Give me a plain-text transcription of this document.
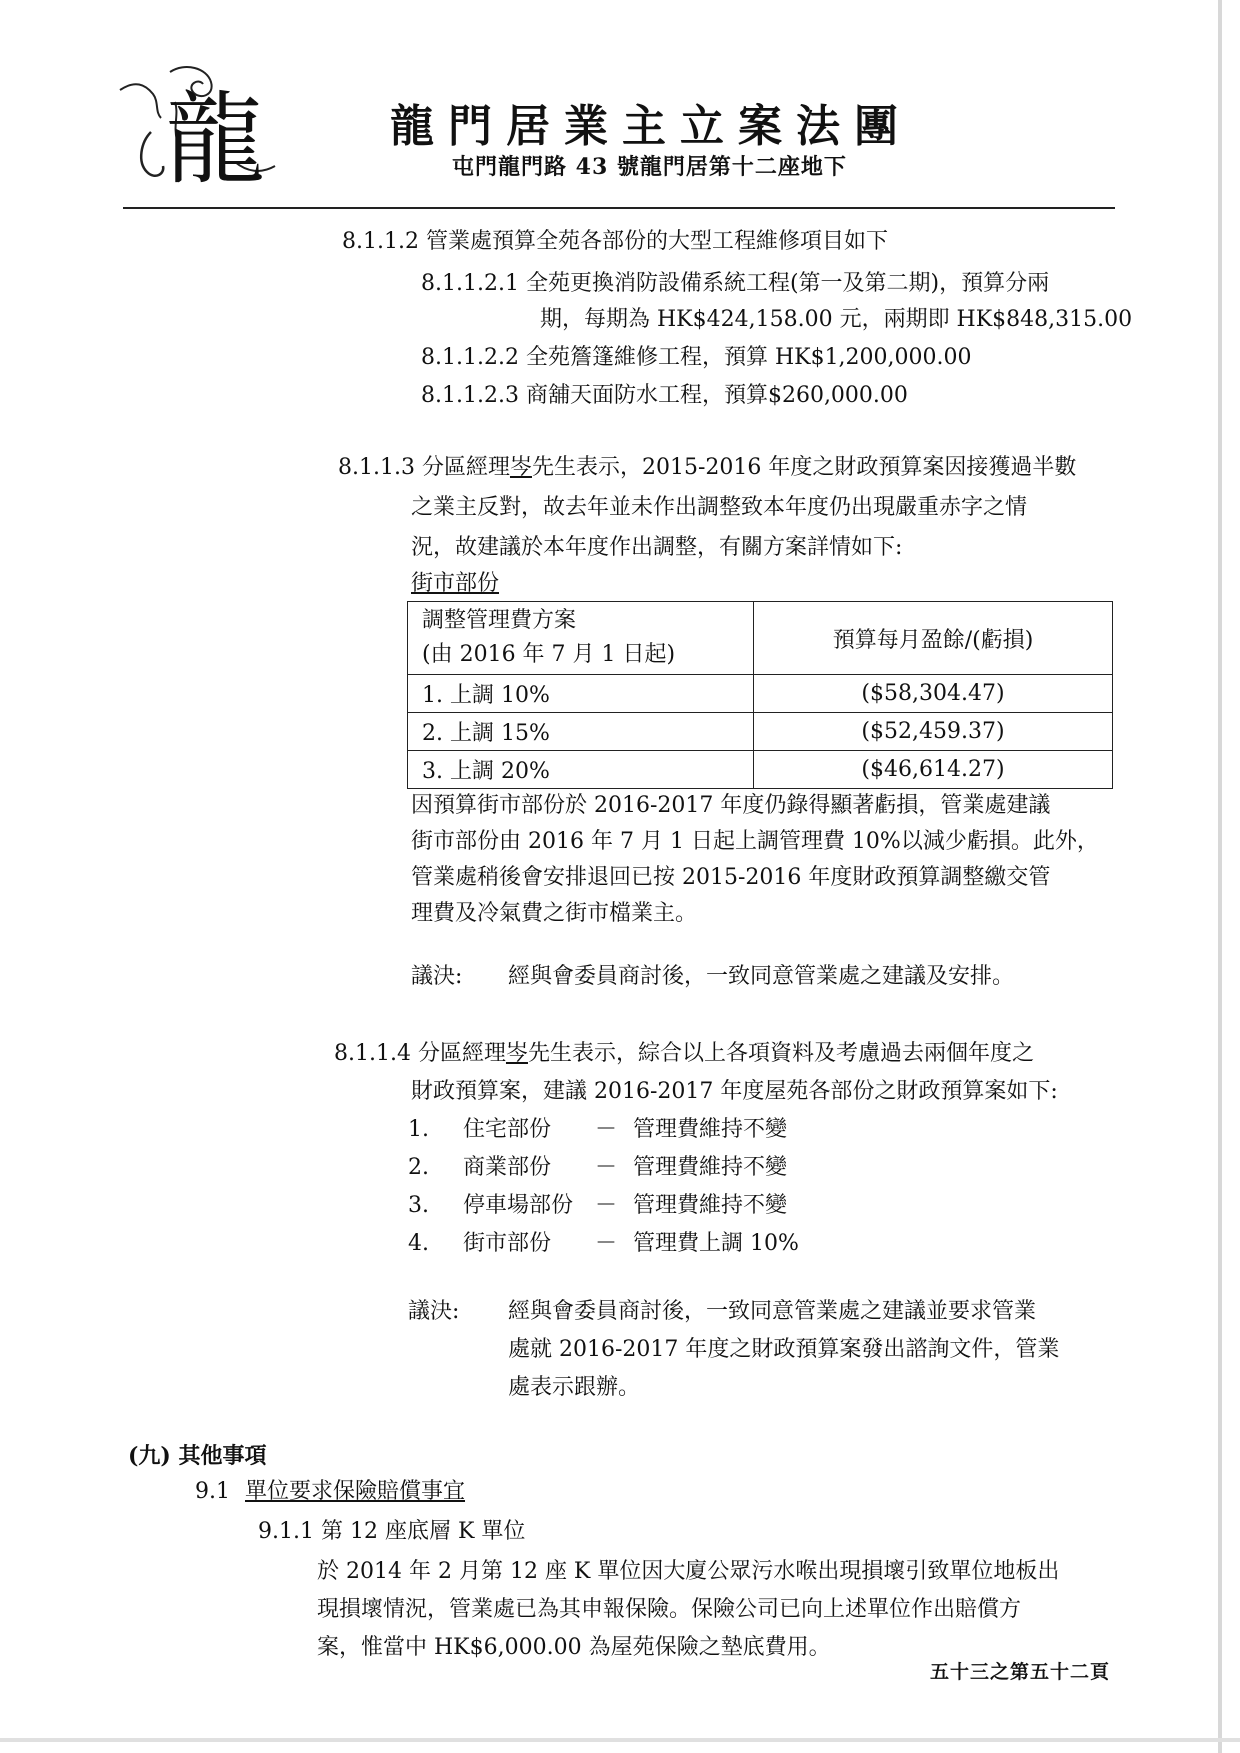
龍	龍門居業主立案法團
屯門龍門路 43 號龍門居第十二座地下
8.1.1.2 管業處預算全苑各部份的大型工程維修項目如下
8.1.1.2.1 全苑更換消防設備系統工程(第一及第二期)，預算分兩
期，每期為 HK$424,158.00 元，兩期即 HK$848,315.00
8.1.1.2.2 全苑簷篷維修工程，預算 HK$1,200,000.00
8.1.1.2.3 商舖天面防水工程，預算$260,000.00
8.1.1.3 分區經理岑先生表示，2015-2016 年度之財政預算案因接獲過半數
之業主反對，故去年並未作出調整致本年度仍出現嚴重赤字之情
況，故建議於本年度作出調整，有關方案詳情如下:
街市部份
調整管理費方案
(由 2016 年 7 月 1 日起)	預算每月盈餘/(虧損)
1. 上調 10%	($58,304.47)
2. 上調 15%	($52,459.37)
3. 上調 20%	($46,614.27)
因預算街市部份於 2016-2017 年度仍錄得顯著虧損，管業處建議
街市部份由 2016 年 7 月 1 日起上調管理費 10%以減少虧損。此外，
管業處稍後會安排退回已按 2015-2016 年度財政預算調整繳交管
理費及冷氣費之街市檔業主。
議決: 經與會委員商討後，一致同意管業處之建議及安排。
8.1.1.4 分區經理岑先生表示，綜合以上各項資料及考慮過去兩個年度之
財政預算案，建議 2016-2017 年度屋苑各部份之財政預算案如下:
1. 住宅部份 － 管理費維持不變
2. 商業部份 － 管理費維持不變
3. 停車場部份 － 管理費維持不變
4. 街市部份 － 管理費上調 10%
議決: 經與會委員商討後，一致同意管業處之建議並要求管業
處就 2016-2017 年度之財政預算案發出諮詢文件，管業
處表示跟辦。
(九) 其他事項
9.1 單位要求保險賠償事宜
9.1.1 第 12 座底層 K 單位
於 2014 年 2 月第 12 座 K 單位因大廈公眾污水喉出現損壞引致單位地板出
現損壞情況，管業處已為其申報保險。保險公司已向上述單位作出賠償方
案，惟當中 HK$6,000.00 為屋苑保險之墊底費用。
五十三之第五十二頁
